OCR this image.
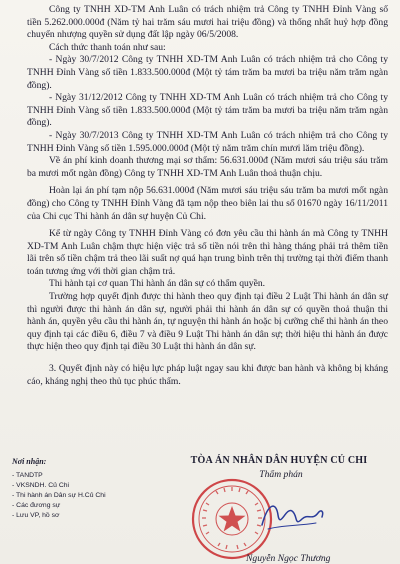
Công ty TNHH XD-TM Anh Luân có trách nhiệm trả Công ty TNHH Đỉnh Vàng số tiền 5.262.000.000đ (Năm tỷ hai trăm sáu mươi hai triệu đồng) và thống nhất huỷ hợp đồng chuyển nhượng quyền sử dụng đất lập ngày 06/5/2008.

Cách thức thanh toán như sau:

- Ngày 30/7/2012 Công ty TNHH XD-TM Anh Luân có trách nhiệm trả cho Công ty TNHH Đỉnh Vàng số tiền 1.833.500.000đ (Một tỷ tám trăm ba mươi ba triệu năm trăm ngàn đồng).

- Ngày 31/12/2012 Công ty TNHH XD-TM Anh Luân có trách nhiệm trả cho Công ty TNHH Đỉnh Vàng số tiền 1.833.500.000đ (Một tỷ tám trăm ba mươi ba triệu năm trăm ngàn đồng).

- Ngày 30/7/2013 Công ty TNHH XD-TM Anh Luân có trách nhiệm trả cho Công ty TNHH Đỉnh Vàng số tiền 1.595.000.000đ (Một tỷ năm trăm chín mươi lăm triệu đồng).

Về án phí kinh doanh thương mại sơ thẩm: 56.631.000đ (Năm mươi sáu triệu sáu trăm ba mươi mốt ngàn đồng) Công ty TNHH XD-TM Anh Luân thoả thuận chịu.

Hoàn lại án phí tạm nộp 56.631.000đ (Năm mươi sáu triệu sáu trăm ba mươi mốt ngàn đồng) cho Công ty TNHH Đỉnh Vàng đã tạm nộp theo biên lai thu số 01670 ngày 16/11/2011 của Chi cục Thi hành án dân sự huyện Củ Chi.

Kể từ ngày Công ty TNHH Đỉnh Vàng có đơn yêu cầu thi hành án mà Công ty TNHH XD-TM Anh Luân chậm thực hiện việc trả số tiền nói trên thì hàng tháng phải trả thêm tiền lãi trên số tiền chậm trả theo lãi suất nợ quá hạn trung bình trên thị trường tại thời điểm thanh toán tương ứng với thời gian chậm trả.

Thi hành tại cơ quan Thi hành án dân sự có thẩm quyền.

Trường hợp quyết định được thi hành theo quy định tại điều 2 Luật Thi hành án dân sự thì người được thi hành án dân sự, người phải thi hành án dân sự có quyền thoả thuận thi hành án, quyền yêu cầu thi hành án, tự nguyện thi hành án hoặc bị cưỡng chế thi hành án theo quy định tại các điều 6, điều 7 và điều 9 Luật Thi hành án dân sự; thời hiệu thi hành án được thực hiện theo quy định tại điều 30 Luật thi hành án dân sự.

3. Quyết định này có hiệu lực pháp luật ngay sau khi được ban hành và không bị kháng cáo, kháng nghị theo thủ tục phúc thẩm.

Nơi nhận:
- TANDTP
- VKSNDH. Củ Chi
- Thi hành án Dân sự H.Củ Chi
- Các đương sự
- Lưu VP, hồ sơ
TÒA ÁN NHÂN DÂN HUYỆN CỦ CHI
Thẩm phán
Nguyễn Ngọc Thương
